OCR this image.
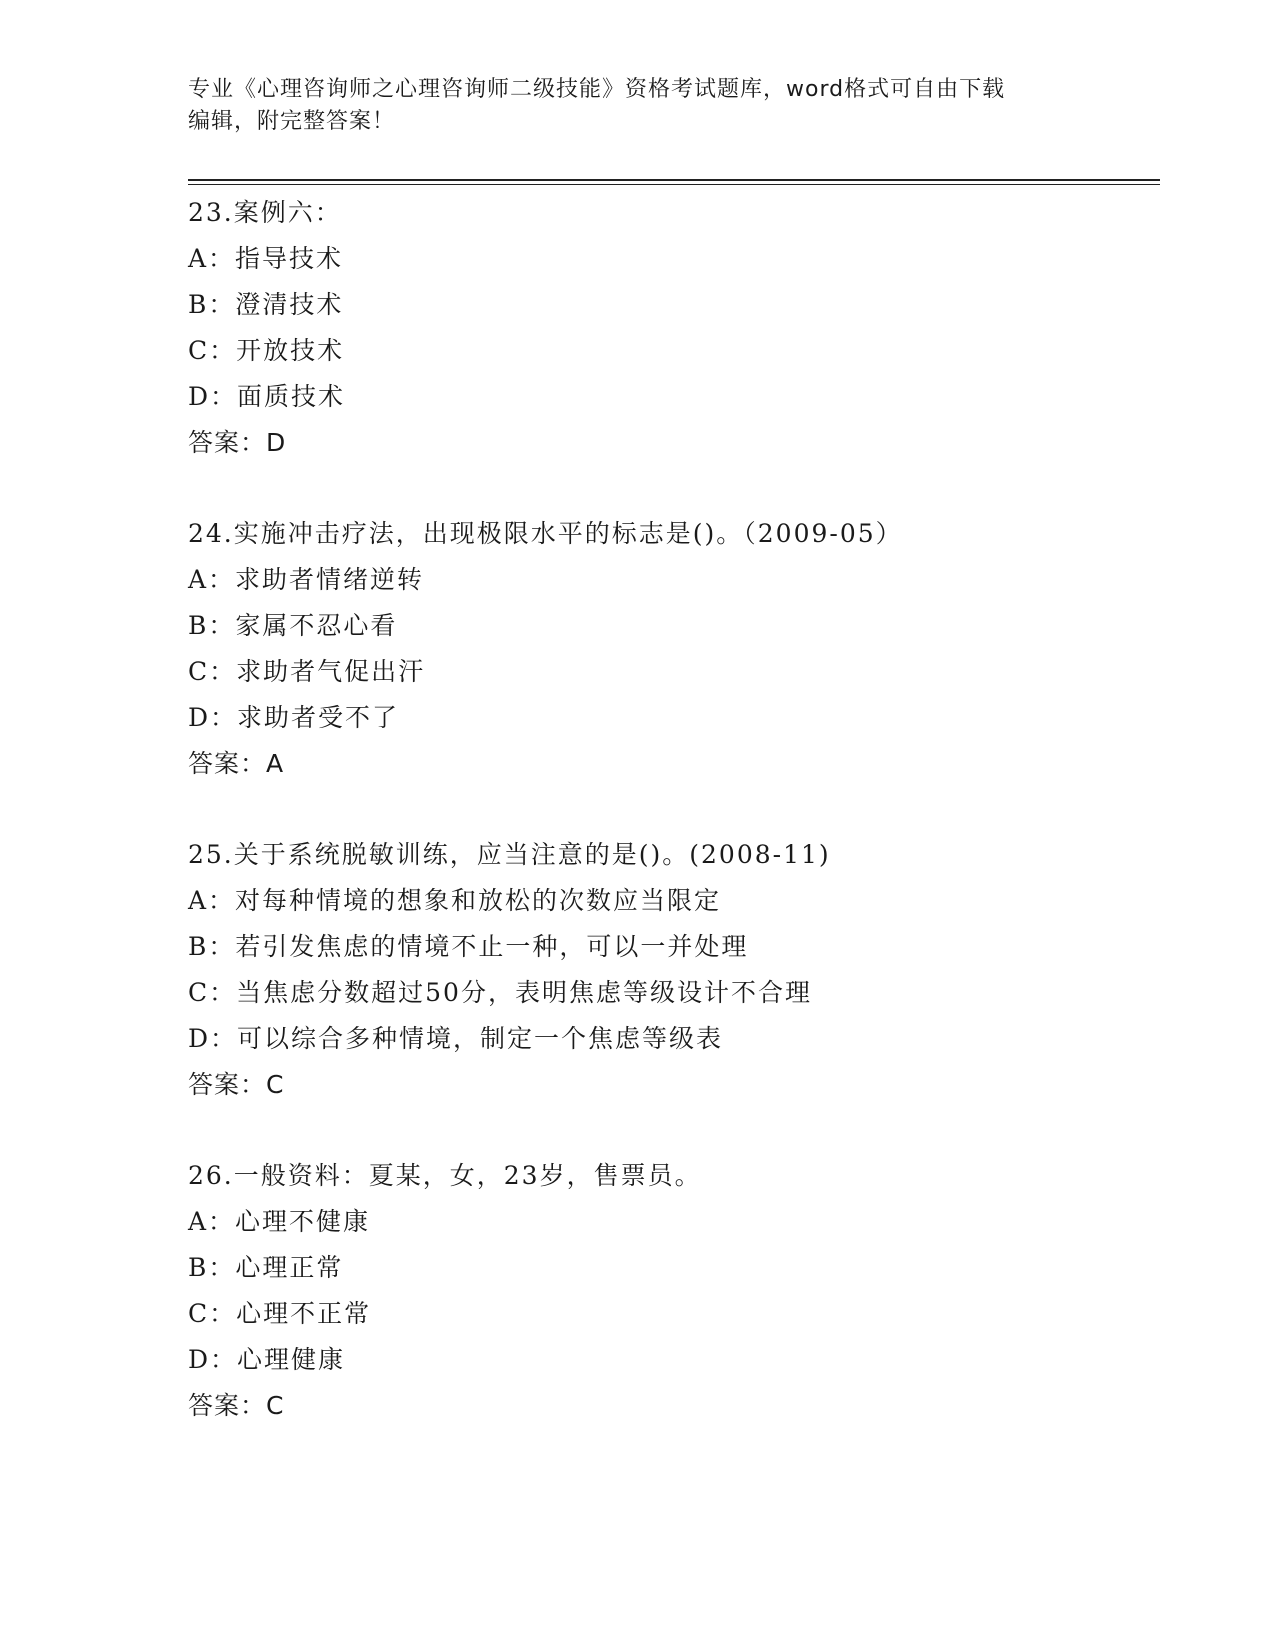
专业《心理咨询师之心理咨询师二级技能》资格考试题库，word格式可自由下载
编辑，附完整答案！
23.案例六：
A：指导技术
B：澄清技术
C：开放技术
D：面质技术
答案：D
24.实施冲击疗法，出现极限水平的标志是()。（2009-05）
A：求助者情绪逆转
B：家属不忍心看
C：求助者气促出汗
D：求助者受不了
答案：A
25.关于系统脱敏训练，应当注意的是()。(2008-11)
A：对每种情境的想象和放松的次数应当限定
B：若引发焦虑的情境不止一种，可以一并处理
C：当焦虑分数超过50分，表明焦虑等级设计不合理
D：可以综合多种情境，制定一个焦虑等级表
答案：C
26.一般资料：夏某，女，23岁，售票员。
A：心理不健康
B：心理正常
C：心理不正常
D：心理健康
答案：C
